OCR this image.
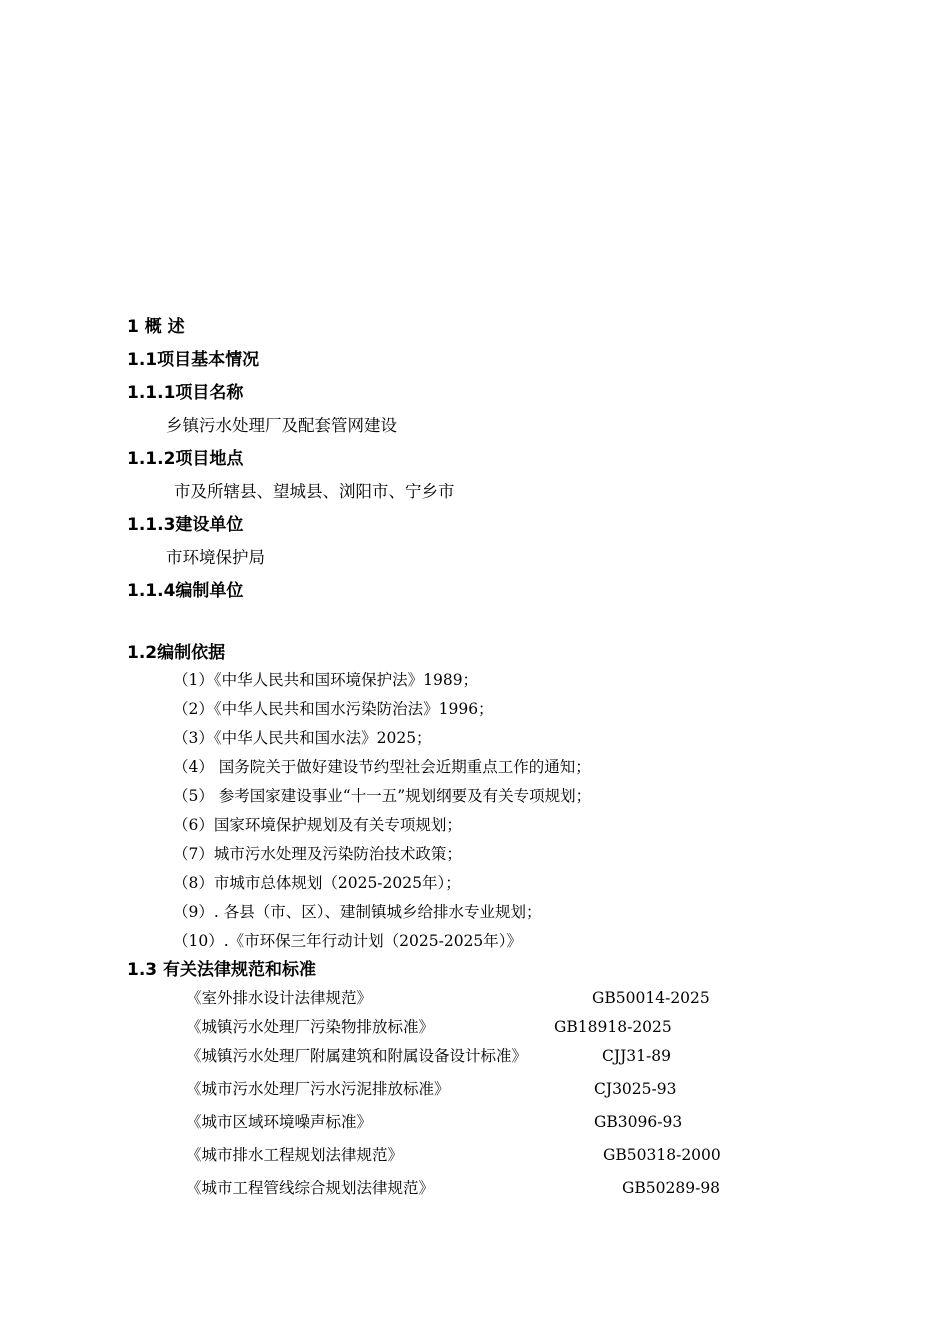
1 概 述
1.1项目基本情况
1.1.1项目名称
乡镇污水处理厂及配套管网建设
1.1.2项目地点
市及所辖县、望城县、浏阳市、宁乡市
1.1.3建设单位
市环境保护局
1.1.4编制单位
1.2编制依据
（1）《中华人民共和国环境保护法》1989；
（2）《中华人民共和国水污染防治法》1996；
（3）《中华人民共和国水法》2025；
（4） 国务院关于做好建设节约型社会近期重点工作的通知；
（5） 参考国家建设事业“十一五”规划纲要及有关专项规划；
（6）国家环境保护规划及有关专项规划；
（7）城市污水处理及污染防治技术政策；
（8）市城市总体规划（2025-2025年）；
（9）. 各县（市、区）、建制镇城乡给排水专业规划；
（10）.《市环保三年行动计划（2025-2025年）》
1.3 有关法律规范和标准
《室外排水设计法律规范》	GB50014-2025
《城镇污水处理厂污染物排放标准》	GB18918-2025
《城镇污水处理厂附属建筑和附属设备设计标准》	CJJ31-89
《城市污水处理厂污水污泥排放标准》	CJ3025-93
《城市区域环境噪声标准》	GB3096-93
《城市排水工程规划法律规范》	GB50318-2000
《城市工程管线综合规划法律规范》	GB50289-98
